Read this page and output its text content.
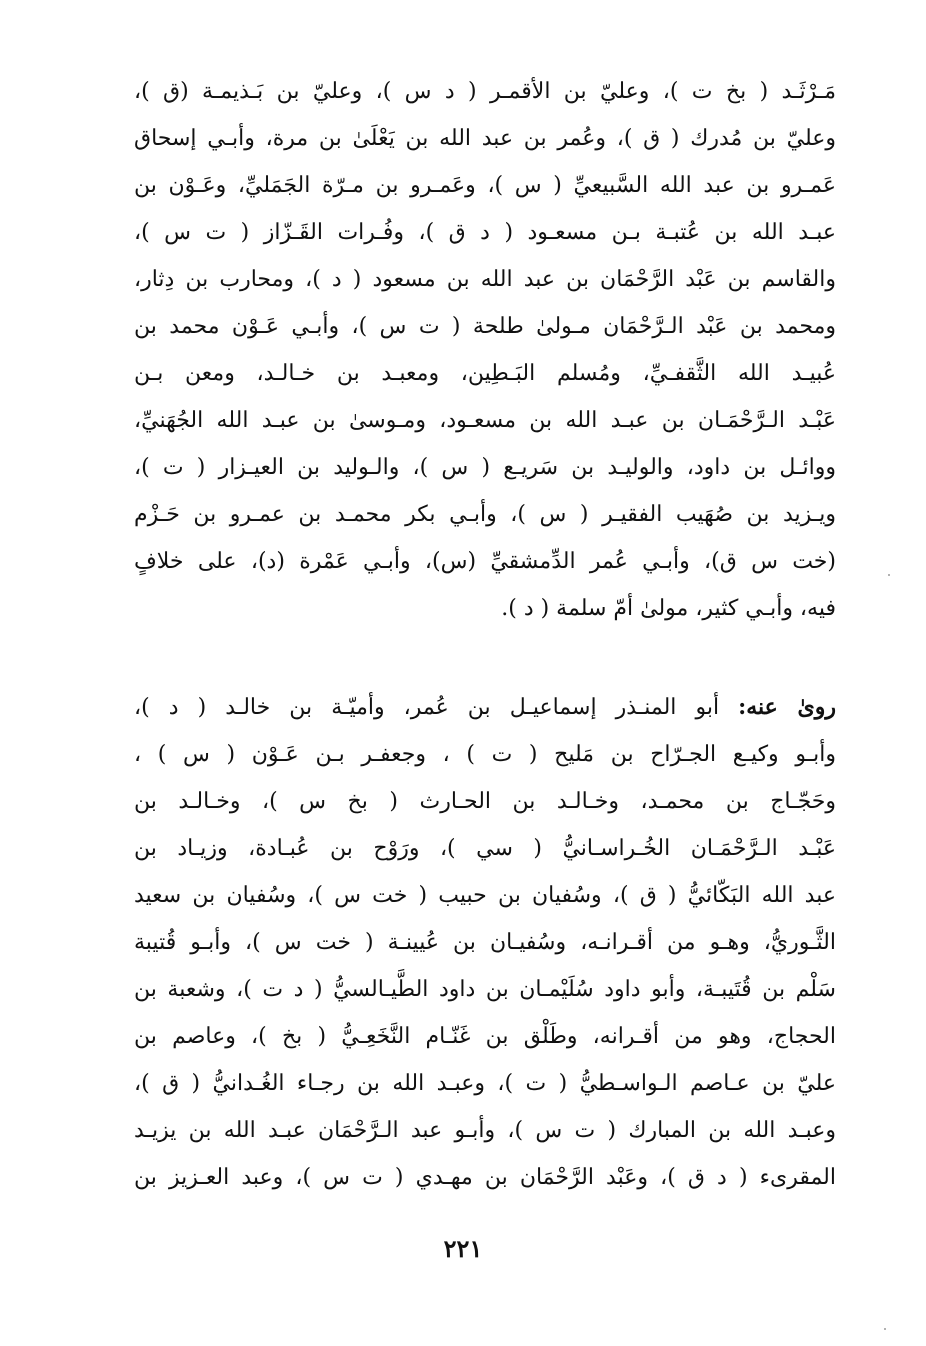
مَـرْثَـد ( بخ ت )، وعليّ بن الأقمـر ( د س )، وعليّ بن بَـذيمـة (ق )،
وعليّ بن مُدرك ( ق )، وعُمر بن عبد الله بن يَعْلَىٰ بن مرة، وأبـي إسحاق
عَمـرو بن عبد الله السَّبيعيِّ ( س )، وعَمـرو بن مـرّة الجَمَليِّ، وعَـوْن بن
عبـد الله بن عُتبـة بـن مسعـود ( د ق )، وفُـرات القَـزّاز ( ت س )،
والقاسم بن عَبْد الرَّحْمَان بن عبد الله بن مسعود ( د )، ومحارب بن دِثار،
ومحمد بن عَبْد الـرَّحْمَان مـولىٰ طلحة ( ت س )، وأبـي عَـوْن محمد بن
عُبيـد الله الثَّقفـيِّ، ومُسلم البَـطِين، ومعبـد بن خـالـد، ومعن بـن
عَبْـد الـرَّحْمَـان بن عبـد الله بن مسعـود، ومـوسىٰ بن عبـد الله الجُهَنيِّ،
ووائـل بن داود، والوليـد بن سَريـع ( س )، والـوليد بن العيـزار ( ت )،
ويـزيد بن صُهَيب الفقيـر ( س )، وأبـي بكر محمـد بن عمـرو بن حَـزْم
(خت س ق)، وأبـي عُمر الدِّمشقيِّ (س)، وأبـي عَمْرة (د)، على خلافٍ
فيه، وأبـي كثير، مولىٰ أمّ سلمة ( د ).
روىٰ عنه: أبو المنـذر إسماعيـل بن عُمر، وأميّـة بن خالـد ( د )،
وأبـو وكيـع الجـرّاح بن مَليح ( ت ) ، وجعفـر بـن عَـوْن ( س ) ،
وحَجّـاج بن محمـد، وخـالـد بن الحـارث ( بخ س )، وخـالـد بن
عَبْـد الـرَّحْمَـان الخُـراسـانيُّ ( سي )، ورَوْح بن عُبـادة، وزيـاد بن
عبد الله البَكّائيُّ ( ق )، وسُفيان بن حبيب ( خت س )، وسُفيان بن سعيد
الثَّـوريُّ، وهـو من أقـرانـه، وسُفيـان بن عُيينـة ( خت س )، وأبـو قُتيبة
سَلْم بن قُتَيبـة، وأبو داود سُلَيْمـان بن داود الطَّيـالسيُّ ( د ت )، وشعبة بن
الحجاج، وهو من أقـرانه، وطَلْق بن غَنّـام النَّخَعِـيُّ ( بخ )، وعاصم بن
عليّ بن عـاصم الـواسـطيُّ ( ت )، وعبـد الله بن رجـاء الغُـدانيُّ ( ق )،
وعبـد الله بن المبارك ( ت س )، وأبـو عبد الـرَّحْمَان عبـد الله بن يزيـد
المقرىء ( د ق )، وعَبْد الرَّحْمَان بن مهـدي ( ت س )، وعبد العـزيز بن
٢٢١
